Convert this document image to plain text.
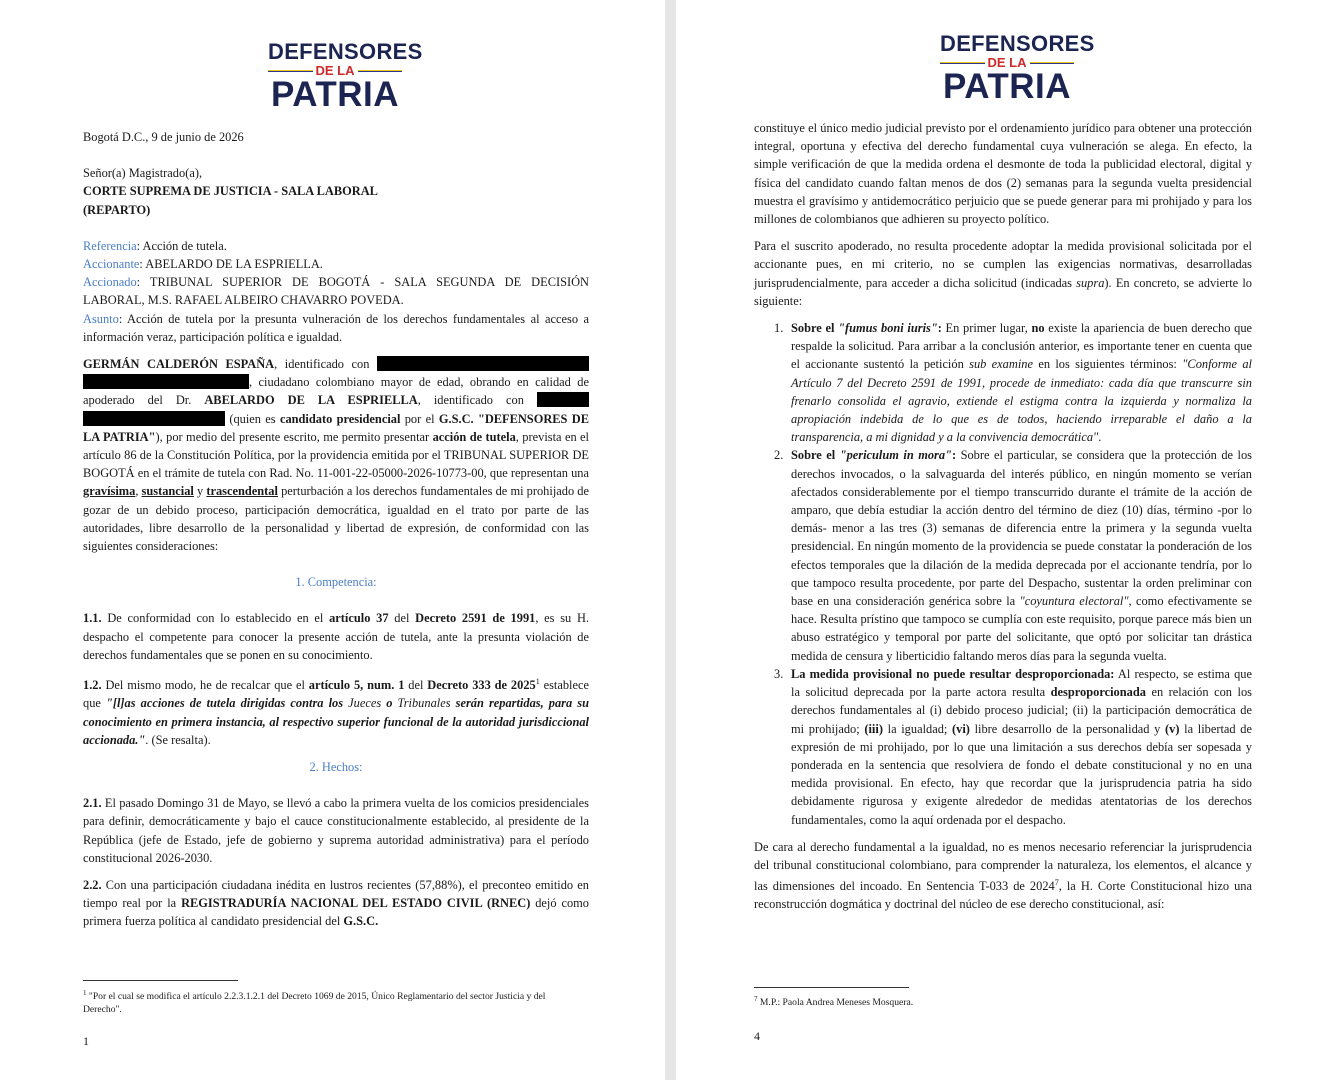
DEFENSORES
DE LA
PATRIA

Bogotá D.C., 9 de junio de 2026

Señor(a) Magistrado(a),

CORTE SUPREMA DE JUSTICIA - SALA LABORAL

(REPARTO)

Referencia: Acción de tutela.

Accionante: ABELARDO DE LA ESPRIELLA.

Accionado: TRIBUNAL SUPERIOR DE BOGOTÁ - SALA SEGUNDA DE DECISIÓN LABORAL, M.S. RAFAEL ALBEIRO CHAVARRO POVEDA.

Asunto: Acción de tutela por la presunta vulneración de los derechos fundamentales al acceso a información veraz, participación política e igualdad.

GERMÁN CALDERÓN ESPAÑA, identificado con  , ciudadano colombiano mayor de edad, obrando en calidad de apoderado del Dr. ABELARDO DE LA ESPRIELLA, identificado con   (quien es candidato presidencial por el G.S.C. "DEFENSORES DE LA PATRIA"), por medio del presente escrito, me permito presentar acción de tutela, prevista en el artículo 86 de la Constitución Política, por la providencia emitida por el TRIBUNAL SUPERIOR DE BOGOTÁ en el trámite de tutela con Rad. No. 11-001-22-05000-2026-10773-00, que representan una gravísima, sustancial y trascendental perturbación a los derechos fundamentales de mi prohijado de gozar de un debido proceso, participación democrática, igualdad en el trato por parte de las autoridades, libre desarrollo de la personalidad y libertad de expresión, de conformidad con las siguientes consideraciones:

1. Competencia:

1.1. De conformidad con lo establecido en el artículo 37 del Decreto 2591 de 1991, es su H. despacho el competente para conocer la presente acción de tutela, ante la presunta violación de derechos fundamentales que se ponen en su conocimiento.

1.2. Del mismo modo, he de recalcar que el artículo 5, num. 1 del Decreto 333 de 2025$^1$ establece que "[l]as acciones de tutela dirigidas contra los Jueces o Tribunales serán repartidas, para su conocimiento en primera instancia, al respectivo superior funcional de la autoridad jurisdiccional accionada.". (Se resalta).

2. Hechos:

2.1. El pasado Domingo 31 de Mayo, se llevó a cabo la primera vuelta de los comicios presidenciales para definir, democráticamente y bajo el cauce constitucionalmente establecido, al presidente de la República (jefe de Estado, jefe de gobierno y suprema autoridad administrativa) para el período constitucional 2026-2030.

2.2. Con una participación ciudadana inédita en lustros recientes (57,88%), el preconteo emitido en tiempo real por la REGISTRADURÍA NACIONAL DEL ESTADO CIVIL (RNEC) dejó como primera fuerza política al candidato presidencial del G.S.C.

$^1$ "Por el cual se modifica el artículo 2.2.3.1.2.1 del Decreto 1069 de 2015, Único Reglamentario del sector Justicia y del Derecho".
1
DEFENSORES
DE LA
PATRIA

constituye el único medio judicial previsto por el ordenamiento jurídico para obtener una protección integral, oportuna y efectiva del derecho fundamental cuya vulneración se alega. En efecto, la simple verificación de que la medida ordena el desmonte de toda la publicidad electoral, digital y física del candidato cuando faltan menos de dos (2) semanas para la segunda vuelta presidencial muestra el gravísimo y antidemocrático perjuicio que se puede generar para mi prohijado y para los millones de colombianos que adhieren su proyecto político.

Para el suscrito apoderado, no resulta procedente adoptar la medida provisional solicitada por el accionante pues, en mi criterio, no se cumplen las exigencias normativas, desarrolladas jurisprudencialmente, para acceder a dicha solicitud (indicadas supra). En concreto, se advierte lo siguiente:

1. Sobre el "fumus boni iuris": En primer lugar, no existe la apariencia de buen derecho que respalde la solicitud. Para arribar a la conclusión anterior, es importante tener en cuenta que el accionante sustentó la petición sub examine en los siguientes términos: "Conforme al Artículo 7 del Decreto 2591 de 1991, procede de inmediato: cada día que transcurre sin frenarlo consolida el agravio, extiende el estigma contra la izquierda y normaliza la apropiación indebida de lo que es de todos, haciendo irreparable el daño a la transparencia, a mi dignidad y a la convivencia democrática".
2. Sobre el "periculum in mora": Sobre el particular, se considera que la protección de los derechos invocados, o la salvaguarda del interés público, en ningún momento se verían afectados considerablemente por el tiempo transcurrido durante el trámite de la acción de amparo, que debía estudiar la acción dentro del término de diez (10) días, término -por lo demás- menor a las tres (3) semanas de diferencia entre la primera y la segunda vuelta presidencial. En ningún momento de la providencia se puede constatar la ponderación de los efectos temporales que la dilación de la medida deprecada por el accionante tendría, por lo que tampoco resulta procedente, por parte del Despacho, sustentar la orden preliminar con base en una consideración genérica sobre la "coyuntura electoral", como efectivamente se hace. Resulta prístino que tampoco se cumplía con este requisito, porque parece más bien un abuso estratégico y temporal por parte del solicitante, que optó por solicitar tan drástica medida de censura y liberticidio faltando meros días para la segunda vuelta.
3. La medida provisional no puede resultar desproporcionada: Al respecto, se estima que la solicitud deprecada por la parte actora resulta desproporcionada en relación con los derechos fundamentales al (i) debido proceso judicial; (ii) la participación democrática de mi prohijado; (iii) la igualdad; (vi) libre desarrollo de la personalidad y (v) la libertad de expresión de mi prohijado, por lo que una limitación a sus derechos debía ser sopesada y ponderada en la sentencia que resolviera de fondo el debate constitucional y no en una medida provisional. En efecto, hay que recordar que la jurisprudencia patria ha sido debidamente rigurosa y exigente alrededor de medidas atentatorias de los derechos fundamentales, como la aquí ordenada por el despacho.

De cara al derecho fundamental a la igualdad, no es menos necesario referenciar la jurisprudencia del tribunal constitucional colombiano, para comprender la naturaleza, los elementos, el alcance y las dimensiones del incoado. En Sentencia T-033 de 2024$^7$, la H. Corte Constitucional hizo una reconstrucción dogmática y doctrinal del núcleo de ese derecho constitucional, así:

$^7$ M.P.: Paola Andrea Meneses Mosquera.
4
